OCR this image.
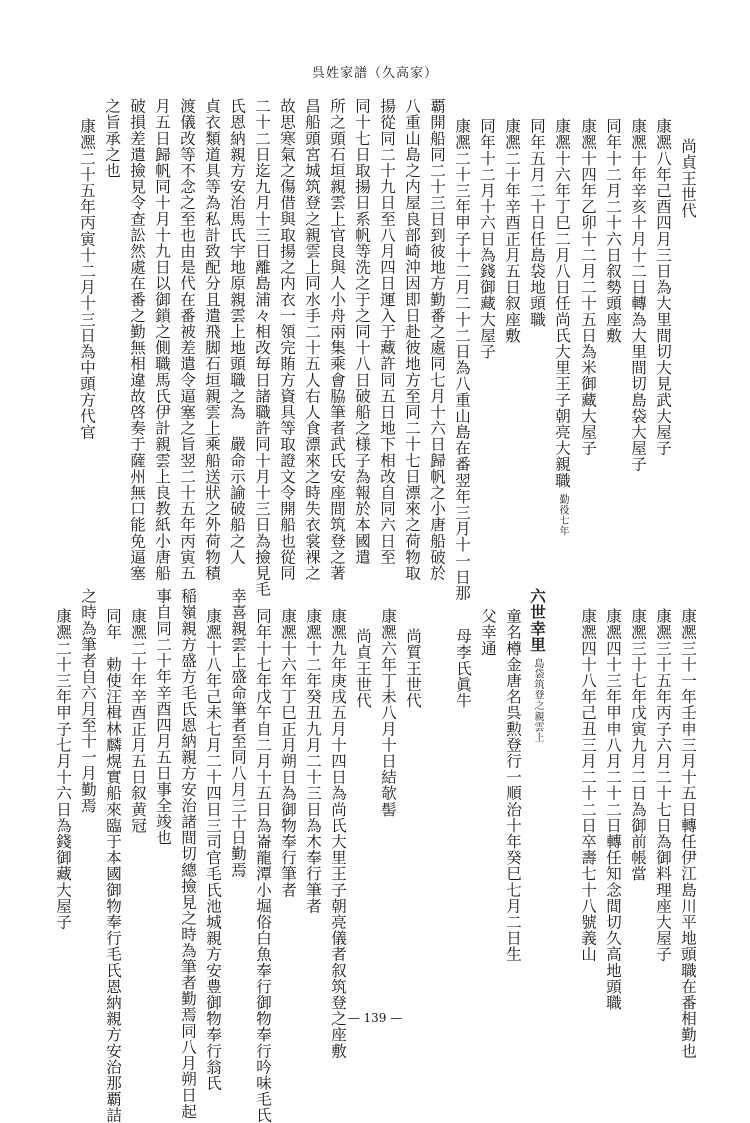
呉姓家譜（久高家）
尚貞王世代
康凞八年己酉四月三日為大里間切大見武大屋子
康凞十年辛亥十月十二日轉為大里間切島袋大屋子
同年十二月二十六日叙勢頭座敷
康凞十四年乙卯十二月二十五日為米御藏大屋子
康凞十六年丁巳二月八日任尚氏大里王子朝亮大親職勤役七年
同年五月二十日任島袋地頭職
康凞二十年辛酉正月五日叙座敷
同年十二月十六日為錢御藏大屋子
康凞二十三年甲子十二月二十二日為八重山島在番翌年三月十一日那
覇開船同二十三日到彼地方勤番之處同七月十六日歸帆之小唐船破於
八重山島之内屋良部崎沖因即日赴彼地方至同二十七日漂來之荷物取
揚從同二十九日至八月四日運入于藏許同五日地下相改自同六日至
同十七日取揚日系帆等洗之于之同十八日破船之様子為報於本國遣
所之頭石垣親雲上官良與人小舟兩集乘會脇筆者武氏安座間筑登之著
昌船頭宮城筑登之親雲上同水手二十五人右人食漂來之時失衣裳裸之
故思寒氣之傷借與取揚之内衣一領完賄方資具等取證文令開船也從同
二十二日迄九月十三日離島浦々相改毎日諸職許同十月十三日為撿見毛
氏恩納親方安治馬氏宇地原親雲上地頭職之為　嚴命示諭破船之人
貞衣類道具等為私計致配分且遣飛脚石垣親雲上乘船送狀之外荷物積
渡儀改等不念之至也由是代在番被差遣令逼塞之旨翌二十五年丙寅五
月五日歸帆同十月十九日以御鎖之側職馬氏伊計親雲上良教紙小唐船
破損差遣撿見令查訟然處在番之勤無相違故啓奏于薩州無口能免逼塞
之旨承之也
康凞二十五年丙寅十二月十三日為中頭方代官
康凞三十一年壬申三月十五日轉任伊江島川平地頭職在番相勤也
康凞三十五年丙子六月二十七日為御料理座大屋子
康凞三十七年戊寅九月二日為御前帳當
康凞四十三年甲申八月二十二日轉任知念間切久高地頭職
康凞四十八年己丑三月二十二日卒壽七十八號義山

六世幸里島袋筑登之親雲上
童名樽金唐名呉勲登行一順治十年癸巳七月二日生
父幸通
母李氏眞牛

尚質王世代
康凞六年丁未八月十日結欹髻
尚貞王世代
康凞九年庚戌五月十四日為尚氏大里王子朝亮儀者叙筑登之座敷
康凞十二年癸丑九月二十三日為木奉行筆者
康凞十六年丁巳正月朔日為御物奉行筆者
同年十七年戊午自二月十五日為崙龍潭小堀俗白魚奉行御物奉行吟味毛氏
幸喜親雲上盛命筆者至同八月三十日勤焉
康凞十八年己未七月二十四日三司官毛氏池城親方安豊御物奉行翁氏
稲嶺親方盛方毛氏恩納親方安治諸間切總撿見之時為筆者勤焉同八月朔日起
事自同二十年辛酉四月五日事全竣也
康凞二十年辛酉正月五日叙黄冠
同年　勅使汪楫林麟熀實船來臨于本國御物奉行毛氏恩納親方安治那覇詰
之時為筆者自六月至十一月勤焉
康凞二十三年甲子七月十六日為錢御藏大屋子
— 139 —
